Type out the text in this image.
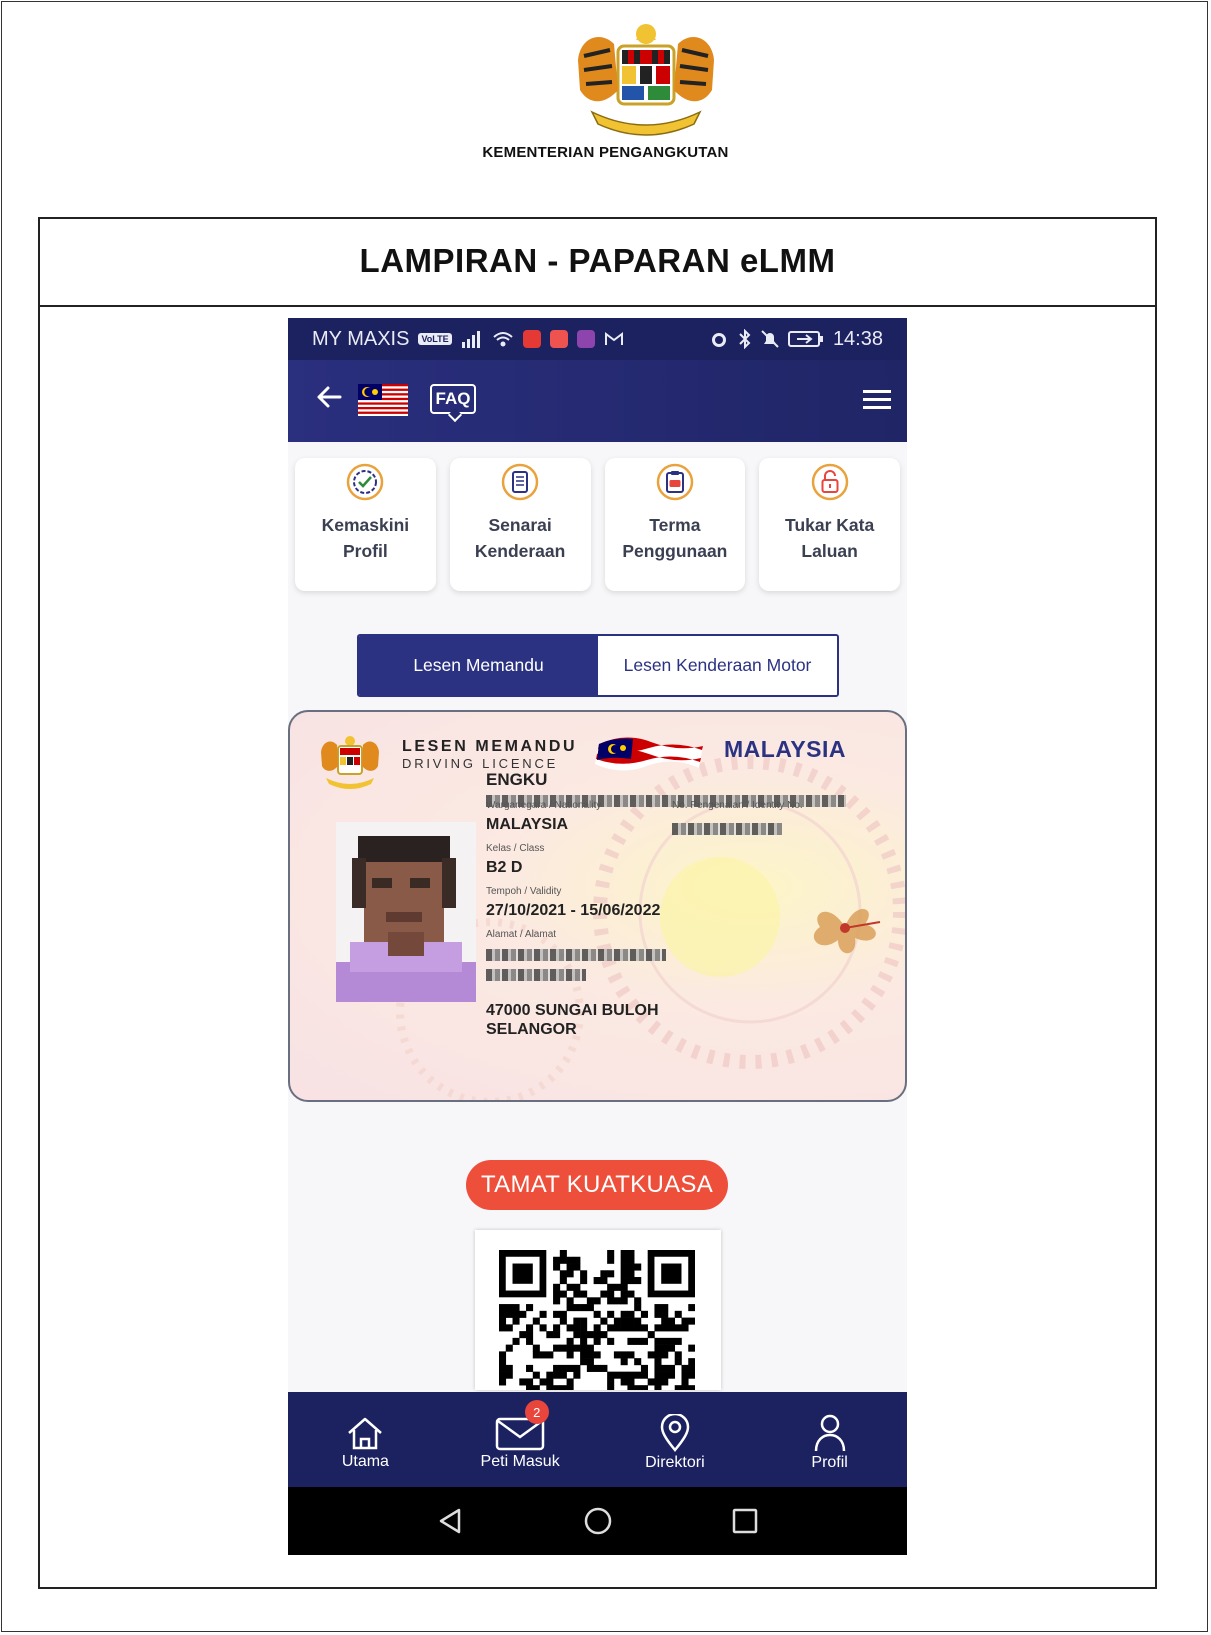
KEMENTERIAN PENGANGKUTAN
LAMPIRAN - PAPARAN eLMM
MY MAXIS	VoLTE	14:38
FAQ
Kemaskini
Profil
Senarai
Kenderaan
Terma
Penggunaan
Tukar Kata
Laluan
Lesen Memandu	Lesen Kenderaan Motor
LESEN MEMANDU
DRIVING LICENCE
MALAYSIA
ENGKU
Warganegara / Nationality
MALAYSIA
No. Pengenalan / Identity No.
Kelas / Class
B2 D
Tempoh / Validity
27/10/2021 - 15/06/2022
Alamat / Alamat
47000 SUNGAI BULOH
SELANGOR
TAMAT KUATKUASA
Utama
2
Peti Masuk	Direktori	Profil
